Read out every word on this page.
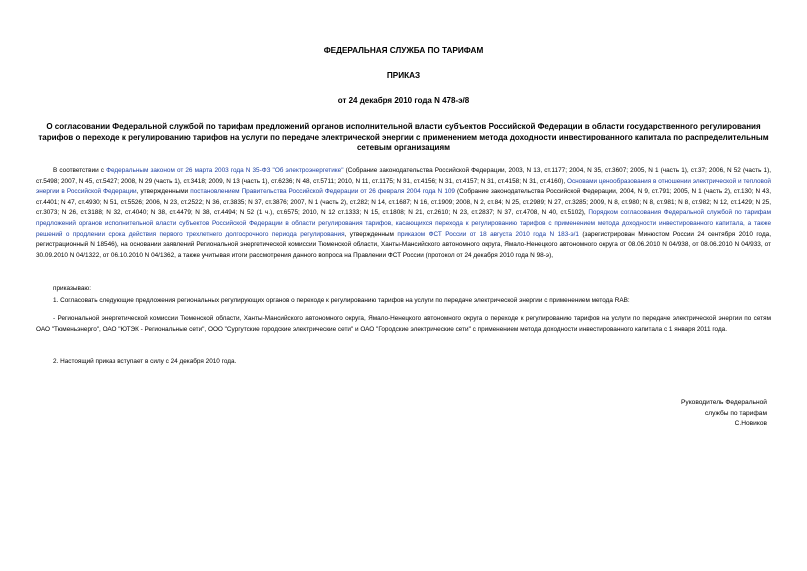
ФЕДЕРАЛЬНАЯ СЛУЖБА ПО ТАРИФАМ
ПРИКАЗ
от 24 декабря 2010 года N 478-э/8
О согласовании Федеральной службой по тарифам предложений органов исполнительной власти субъектов Российской Федерации в области государственного регулирования тарифов о переходе к регулированию тарифов на услуги по передаче электрической энергии с применением метода доходности инвестированного капитала по распределительным сетевым организациям
В соответствии с Федеральным законом от 26 марта 2003 года N 35-ФЗ "Об электроэнергетике" (Собрание законодательства Российской Федерации, 2003, N 13, ст.1177; 2004, N 35, ст.3607; 2005, N 1 (часть 1), ст.37; 2006, N 52 (часть 1), ст.5498; 2007, N 45, ст.5427; 2008, N 29 (часть 1), ст.3418; 2009, N 13 (часть 1), ст.6236; N 48, ст.5711; 2010, N 11, ст.1175; N 31, ст.4156; N 31, ст.4157; N 31, ст.4158; N 31, ст.4160), Основами ценообразования в отношении электрической и тепловой энергии в Российской Федерации, утвержденными постановлением Правительства Российской Федерации от 26 февраля 2004 года N 109 (Собрание законодательства Российской Федерации, 2004, N 9, ст.791; 2005, N 1 (часть 2), ст.130; N 43, ст.4401; N 47, ст.4930; N 51, ст.5526; 2006, N 23, ст.2522; N 36, ст.3835; N 37, ст.3876; 2007, N 1 (часть 2), ст.282; N 14, ст.1687; N 16, ст.1909; 2008, N 2, ст.84; N 25, ст.2989; N 27, ст.3285; 2009, N 8, ст.980; N 8, ст.981; N 8, ст.982; N 12, ст.1429; N 25, ст.3073; N 26, ст.3188; N 32, ст.4040; N 38, ст.4479; N 38, ст.4494; N 52 (1 ч.), ст.6575; 2010, N 12 ст.1333; N 15, ст.1808; N 21, ст.2610; N 23, ст.2837; N 37, ст.4708, N 40, ст.5102), Порядком согласования Федеральной службой по тарифам предложений органов исполнительной власти субъектов Российской Федерации в области регулирования тарифов, касающихся перехода к регулированию тарифов с применением метода доходности инвестированного капитала, а также решений о продлении срока действия первого трехлетнего долгосрочного периода регулирования, утвержденным приказом ФСТ России от 18 августа 2010 года N 183-э/1 (зарегистрирован Минюстом России 24 сентября 2010 года, регистрационный N 18546), на основании заявлений Региональной энергетической комиссии Тюменской области, Ханты-Мансийского автономного округа, Ямало-Ненецкого автономного округа от 08.06.2010 N 04/938, от 08.06.2010 N 04/933, от 30.09.2010 N 04/1322, от 06.10.2010 N 04/1362, а также учитывая итоги рассмотрения данного вопроса на Правлении ФСТ России (протокол от 24 декабря 2010 года N 98-э),
приказываю:
1. Согласовать следующие предложения региональных регулирующих органов о переходе к регулированию тарифов на услуги по передаче электрической энергии с применением метода RAB:
- Региональной энергетической комиссии Тюменской области, Ханты-Мансийского автономного округа, Ямало-Ненецкого автономного округа о переходе к регулированию тарифов на услуги по передаче электрической энергии по сетям ОАО "Тюменьэнерго", ОАО "ЮТЭК - Региональные сети", ООО "Сургутские городские электрические сети" и ОАО "Городские электрические сети" с применением метода доходности инвестированного капитала с 1 января 2011 года.
2. Настоящий приказ вступает в силу с 24 декабря 2010 года.
Руководитель Федеральной
службы по тарифам
С.Новиков
